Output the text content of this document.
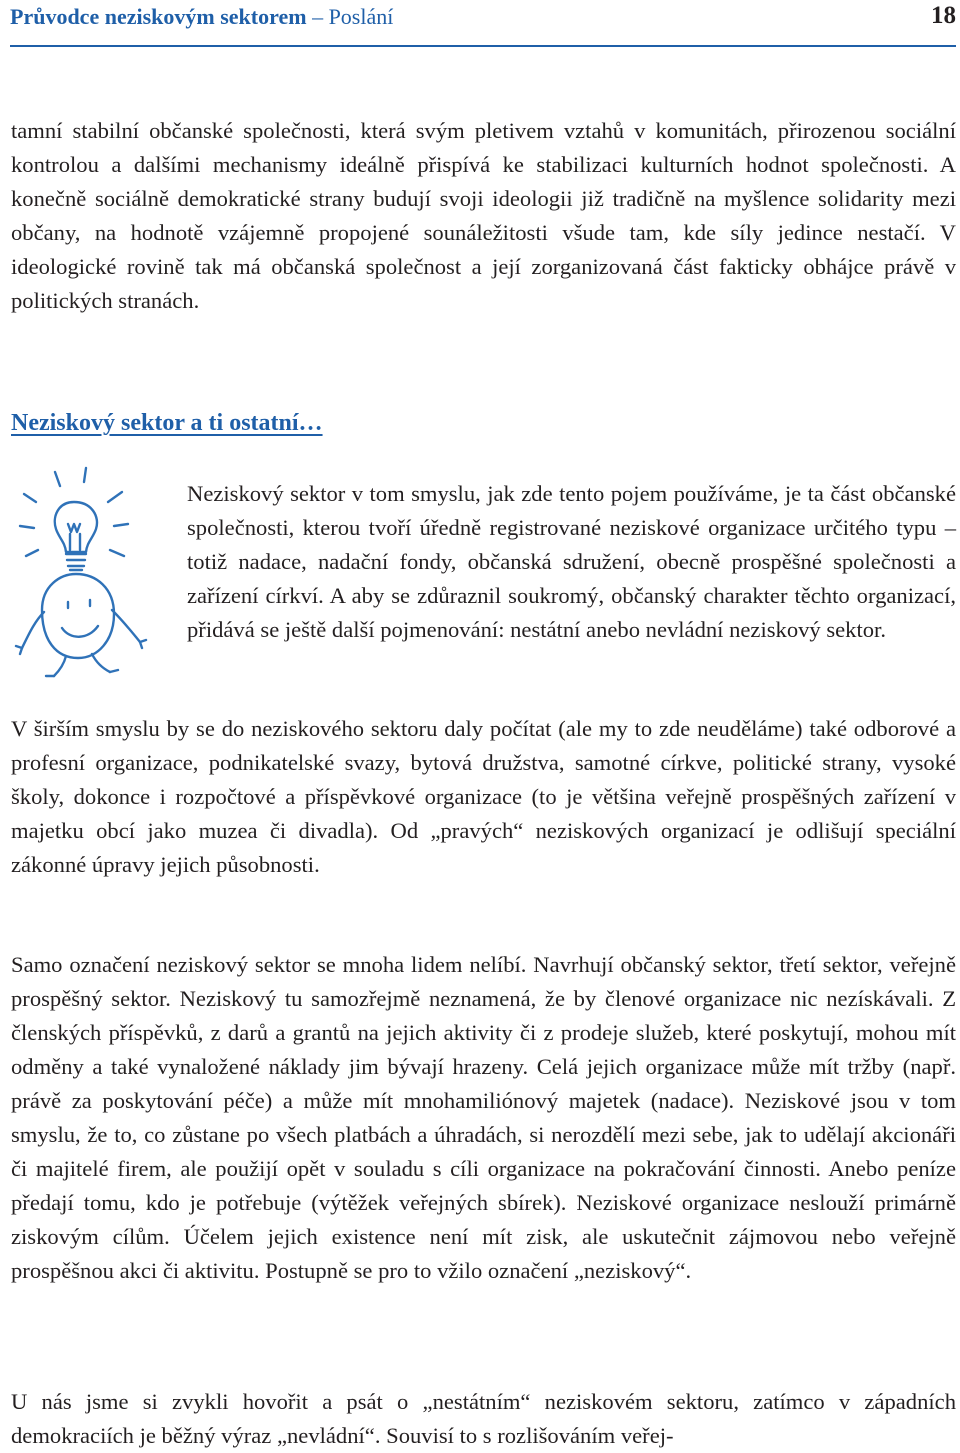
Průvodce neziskovým sektorem – Poslání	18

tamní stabilní občanské společnosti, která svým pletivem vztahů v komunitách, přirozenou sociální kontrolou a dalšími mechanismy ideálně přispívá ke stabilizaci kulturních hodnot společnosti. A konečně sociálně demokratické strany budují svoji ideologii již tradičně na myšlence solidarity mezi občany, na hodnotě vzájemně propojené sounáležitosti všude tam, kde síly jedince nestačí. V ideologické rovině tak má občanská společnost a její zorganizovaná část fakticky obhájce právě v politických stranách.

Neziskový sektor a ti ostatní…

Neziskový sektor v tom smyslu, jak zde tento pojem používáme, je ta část občanské společnosti, kterou tvoří úředně registrované neziskové organizace určitého typu – totiž nadace, nadační fondy, občanská sdružení, obecně prospěšné společnosti a zařízení církví. A aby se zdůraznil soukromý, občanský charakter těchto organizací, přidává se ještě další pojmenování: nestátní anebo nevládní neziskový sektor.

V širším smyslu by se do neziskového sektoru daly počítat (ale my to zde neuděláme) také odborové a profesní organizace, podnikatelské svazy, bytová družstva, samotné církve, politické strany, vysoké školy, dokonce i rozpočtové a příspěvkové organizace (to je většina veřejně prospěšných zařízení v majetku obcí jako muzea či divadla). Od „pravých“ neziskových organizací je odlišují speciální zákonné úpravy jejich působnosti.

Samo označení neziskový sektor se mnoha lidem nelíbí. Navrhují občanský sektor, třetí sektor, veřejně prospěšný sektor. Neziskový tu samozřejmě neznamená, že by členové organizace nic nezískávali. Z členských příspěvků, z darů a grantů na jejich aktivity či z prodeje služeb, které poskytují, mohou mít odměny a také vynaložené náklady jim bývají hrazeny. Celá jejich organizace může mít tržby (např. právě za poskytování péče) a může mít mnohamiliónový majetek (nadace). Neziskové jsou v tom smyslu, že to, co zůstane po všech platbách a úhradách, si nerozdělí mezi sebe, jak to udělají akcionáři či majitelé firem, ale použijí opět v souladu s cíli organizace na pokračování činnosti. Anebo peníze předají tomu, kdo je potřebuje (výtěžek veřejných sbírek). Neziskové organizace neslouží primárně ziskovým cílům. Účelem jejich existence není mít zisk, ale uskutečnit zájmovou nebo veřejně prospěšnou akci či aktivitu. Postupně se pro to vžilo označení „neziskový“.

U nás jsme si zvykli hovořit a psát o „nestátním“ neziskovém sektoru, zatímco v západních demokraciích je běžný výraz „nevládní“. Souvisí to s rozlišováním veřej-
